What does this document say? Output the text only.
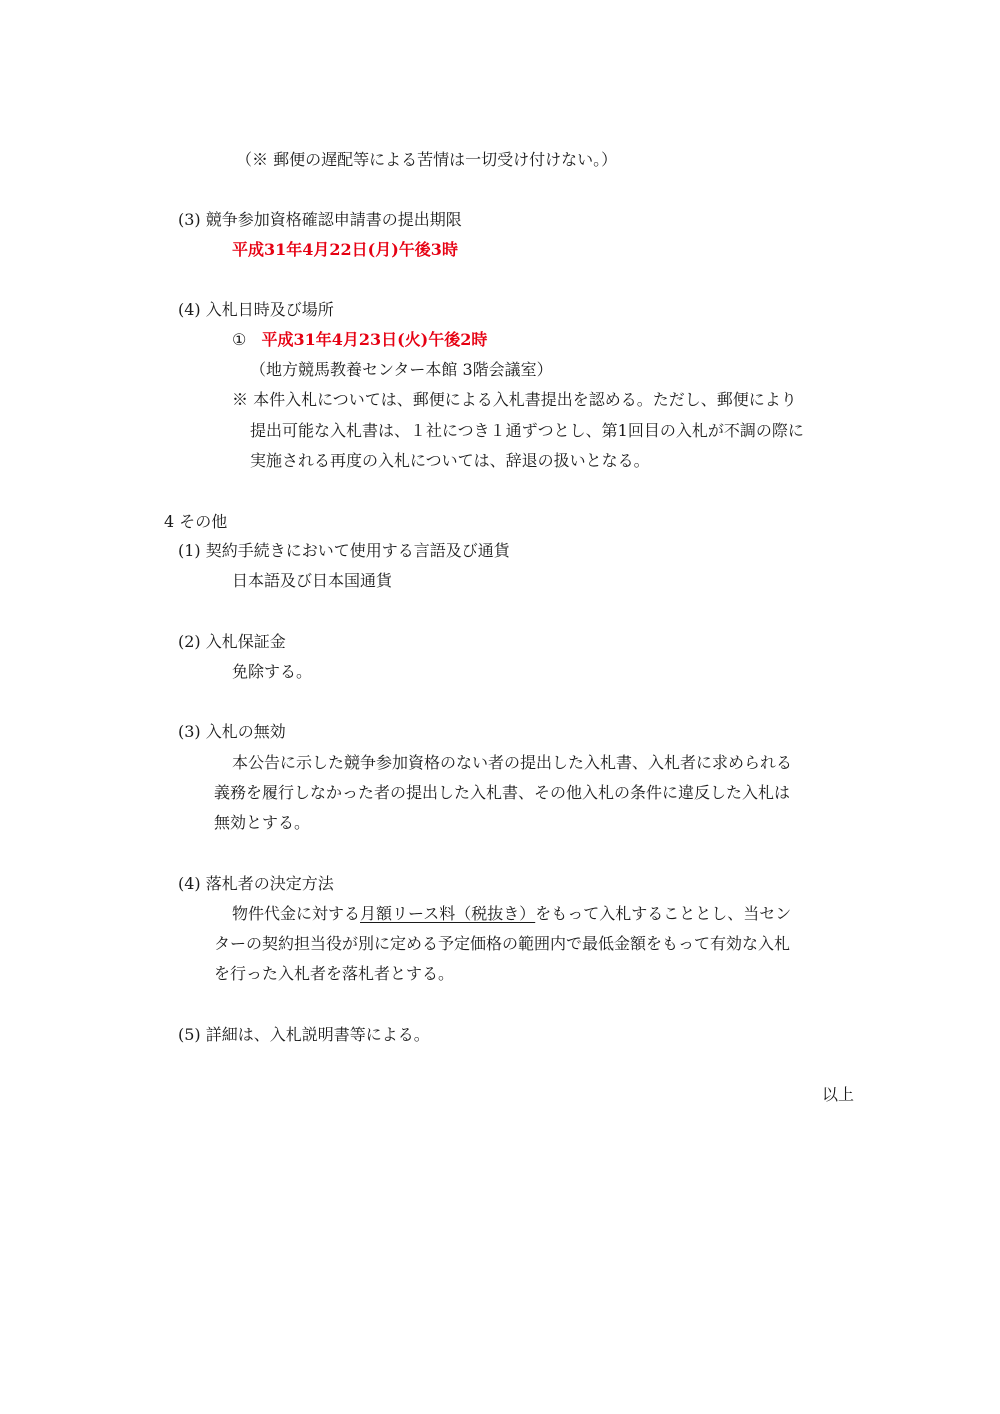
（※ 郵便の遅配等による苦情は一切受け付けない。）
(3) 競争参加資格確認申請書の提出期限
平成31年4月22日(月)午後3時
(4) 入札日時及び場所
① 平成31年4月23日(火)午後2時
（地方競馬教養センター本館 3階会議室）
※ 本件入札については、郵便による入札書提出を認める。ただし、郵便により
提出可能な入札書は、１社につき１通ずつとし、第1回目の入札が不調の際に
実施される再度の入札については、辞退の扱いとなる。
4 その他
(1) 契約手続きにおいて使用する言語及び通貨
日本語及び日本国通貨
(2) 入札保証金
免除する。
(3) 入札の無効
本公告に示した競争参加資格のない者の提出した入札書、入札者に求められる
義務を履行しなかった者の提出した入札書、その他入札の条件に違反した入札は
無効とする。
(4) 落札者の決定方法
物件代金に対する月額リース料（税抜き）をもって入札することとし、当セン
ターの契約担当役が別に定める予定価格の範囲内で最低金額をもって有効な入札
を行った入札者を落札者とする。
(5) 詳細は、入札説明書等による。
以上
